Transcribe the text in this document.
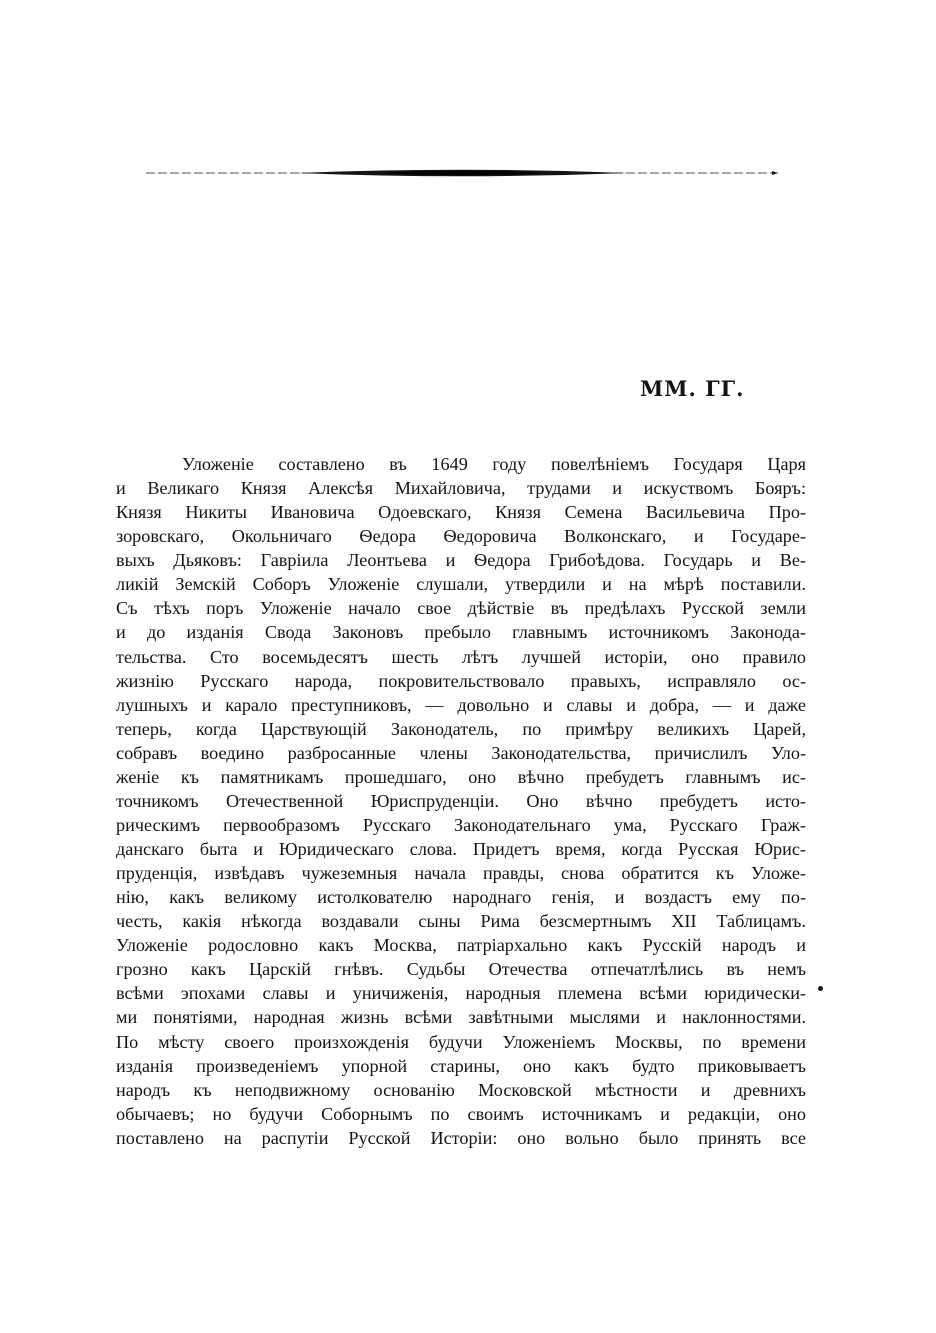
ММ. ГГ.
Уложеніе составлено въ 1649 году повелѣніемъ Государя Царя
и Великаго Князя Алексѣя Михайловича, трудами и искуствомъ Бояръ:
Князя Никиты Ивановича Одоевскаго, Князя Семена Васильевича Про-
зоровскаго, Окольничаго Ѳедора Ѳедоровича Волконскаго, и Государе-
выхъ Дьяковъ: Гавріила Леонтьева и Ѳедора Грибоѣдова. Государь и Ве-
ликій Земскій Соборъ Уложеніе слушали, утвердили и на мѣрѣ поставили.
Съ тѣхъ поръ Уложеніе начало свое дѣйствіе въ предѣлахъ Русской земли
и до изданія Свода Законовъ пребыло главнымъ источникомъ Законода-
тельства. Сто восемьдесятъ шесть лѣтъ лучшей исторіи, оно правило
жизнію Русскаго народа, покровительствовало правыхъ, исправляло ос-
лушныхъ и карало преступниковъ, — довольно и славы и добра, — и даже
теперь, когда Царствующій Законодатель, по примѣру великихъ Царей,
собравъ воедино разбросанные члены Законодательства, причислилъ Уло-
женіе къ памятникамъ прошедшаго, оно вѣчно пребудетъ главнымъ ис-
точникомъ Отечественной Юриспруденціи. Оно вѣчно пребудетъ исто-
рическимъ первообразомъ Русскаго Законодательнаго ума, Русскаго Граж-
данскаго быта и Юридическаго слова. Придетъ время, когда Русская Юрис-
пруденція, извѣдавъ чужеземныя начала правды, снова обратится къ Уложе-
нію, какъ великому истолкователю народнаго генія, и воздастъ ему по-
честь, какія нѣкогда воздавали сыны Рима безсмертнымъ XII Таблицамъ.
Уложеніе родословно какъ Москва, патріархально какъ Русскій народъ и
грозно какъ Царскій гнѣвъ. Судьбы Отечества отпечатлѣлись въ немъ
всѣми эпохами славы и уничиженія, народныя племена всѣми юридически-
ми понятіями, народная жизнь всѣми завѣтными мыслями и наклонностями.
По мѣсту своего произхожденія будучи Уложеніемъ Москвы, по времени
изданія произведеніемъ упорной старины, оно какъ будто приковываетъ
народъ къ неподвижному основанію Московской мѣстности и древнихъ
обычаевъ; но будучи Соборнымъ по своимъ источникамъ и редакціи, оно
поставлено на распутіи Русской Исторіи: оно вольно было принять все
